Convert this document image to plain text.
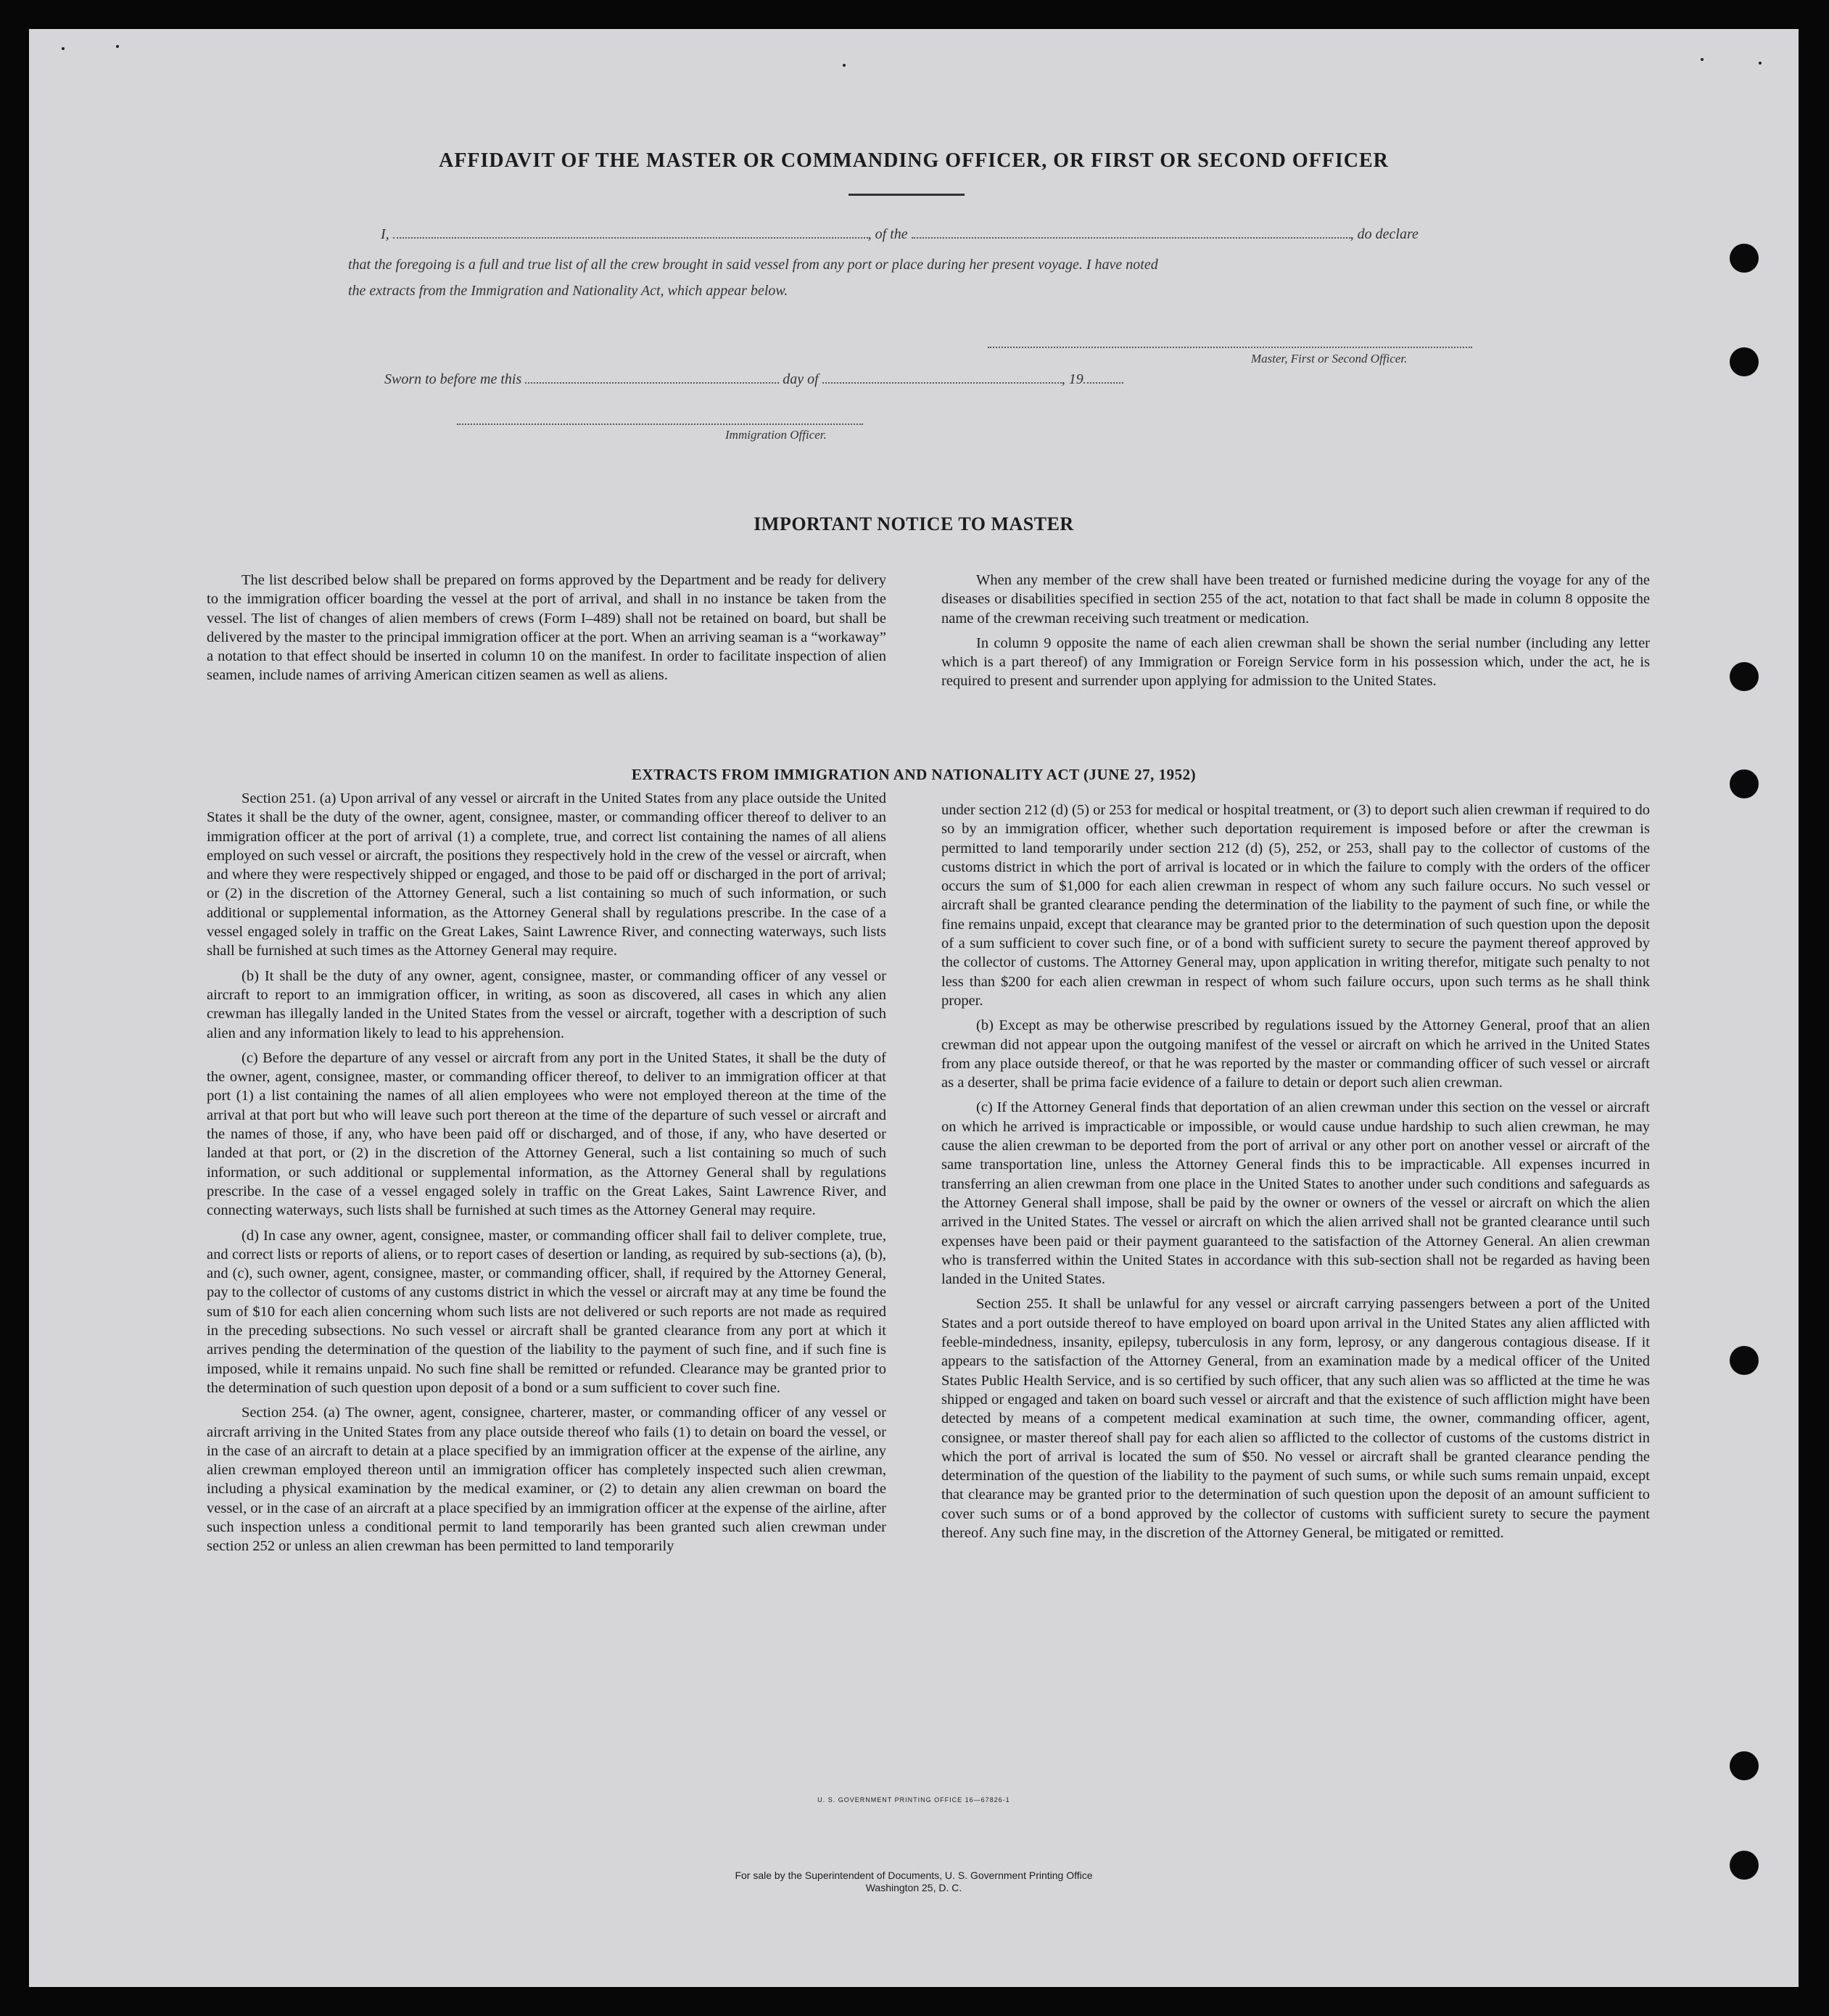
AFFIDAVIT OF THE MASTER OR COMMANDING OFFICER, OR FIRST OR SECOND OFFICER
I,	, of the	, do declare
that the foregoing is a full and true list of all the crew brought in said vessel from any port or place during her present voyage. I have noted
the extracts from the Immigration and Nationality Act, which appear below.
Master, First or Second Officer.
Sworn to before me this	day of	, 19
Immigration Officer.
IMPORTANT NOTICE TO MASTER

The list described below shall be prepared on forms approved by the Department and be ready for delivery to the immigration officer boarding the vessel at the port of arrival, and shall in no instance be taken from the vessel. The list of changes of alien members of crews (Form I–489) shall not be retained on board, but shall be delivered by the master to the principal immigration officer at the port. When an arriving seaman is a “workaway” a notation to that effect should be inserted in column 10 on the manifest. In order to facilitate inspection of alien seamen, include names of arriving American citizen seamen as well as aliens.

When any member of the crew shall have been treated or furnished medicine during the voyage for any of the diseases or disabilities specified in section 255 of the act, notation to that fact shall be made in column 8 opposite the name of the crewman receiving such treatment or medication.

In column 9 opposite the name of each alien crewman shall be shown the serial number (including any letter which is a part thereof) of any Immigration or Foreign Service form in his possession which, under the act, he is required to present and surrender upon applying for admission to the United States.

EXTRACTS FROM IMMIGRATION AND NATIONALITY ACT (JUNE 27, 1952)

Section 251. (a) Upon arrival of any vessel or aircraft in the United States from any place outside the United States it shall be the duty of the owner, agent, consignee, master, or commanding officer thereof to deliver to an immigration officer at the port of arrival (1) a complete, true, and correct list containing the names of all aliens employed on such vessel or aircraft, the positions they respectively hold in the crew of the vessel or aircraft, when and where they were respectively shipped or engaged, and those to be paid off or discharged in the port of arrival; or (2) in the discretion of the Attorney General, such a list containing so much of such information, or such additional or supplemental information, as the Attorney General shall by regulations prescribe. In the case of a vessel engaged solely in traffic on the Great Lakes, Saint Lawrence River, and connecting waterways, such lists shall be furnished at such times as the Attorney General may require.

(b) It shall be the duty of any owner, agent, consignee, master, or commanding officer of any vessel or aircraft to report to an immigration officer, in writing, as soon as discovered, all cases in which any alien crewman has illegally landed in the United States from the vessel or aircraft, together with a description of such alien and any information likely to lead to his apprehension.

(c) Before the departure of any vessel or aircraft from any port in the United States, it shall be the duty of the owner, agent, consignee, master, or commanding officer thereof, to deliver to an immigration officer at that port (1) a list containing the names of all alien employees who were not employed thereon at the time of the arrival at that port but who will leave such port thereon at the time of the departure of such vessel or aircraft and the names of those, if any, who have been paid off or discharged, and of those, if any, who have deserted or landed at that port, or (2) in the discretion of the Attorney General, such a list containing so much of such information, or such additional or supplemental information, as the Attorney General shall by regulations prescribe. In the case of a vessel engaged solely in traffic on the Great Lakes, Saint Lawrence River, and connecting waterways, such lists shall be furnished at such times as the Attorney General may require.

(d) In case any owner, agent, consignee, master, or commanding officer shall fail to deliver complete, true, and correct lists or reports of aliens, or to report cases of desertion or landing, as required by sub-sections (a), (b), and (c), such owner, agent, consignee, master, or commanding officer, shall, if required by the Attorney General, pay to the collector of customs of any customs district in which the vessel or aircraft may at any time be found the sum of $10 for each alien concerning whom such lists are not delivered or such reports are not made as required in the preceding subsections. No such vessel or aircraft shall be granted clearance from any port at which it arrives pending the determination of the question of the liability to the payment of such fine, and if such fine is imposed, while it remains unpaid. No such fine shall be remitted or refunded. Clearance may be granted prior to the determination of such question upon deposit of a bond or a sum sufficient to cover such fine.

Section 254. (a) The owner, agent, consignee, charterer, master, or commanding officer of any vessel or aircraft arriving in the United States from any place outside thereof who fails (1) to detain on board the vessel, or in the case of an aircraft to detain at a place specified by an immigration officer at the expense of the airline, any alien crewman employed thereon until an immigration officer has completely inspected such alien crewman, including a physical examination by the medical examiner, or (2) to detain any alien crewman on board the vessel, or in the case of an aircraft at a place specified by an immigration officer at the expense of the airline, after such inspection unless a conditional permit to land temporarily has been granted such alien crewman under section 252 or unless an alien crewman has been permitted to land temporarily

under section 212 (d) (5) or 253 for medical or hospital treatment, or (3) to deport such alien crewman if required to do so by an immigration officer, whether such deportation requirement is imposed before or after the crewman is permitted to land temporarily under section 212 (d) (5), 252, or 253, shall pay to the collector of customs of the customs district in which the port of arrival is located or in which the failure to comply with the orders of the officer occurs the sum of $1,000 for each alien crewman in respect of whom any such failure occurs. No such vessel or aircraft shall be granted clearance pending the determination of the liability to the payment of such fine, or while the fine remains unpaid, except that clearance may be granted prior to the determination of such question upon the deposit of a sum sufficient to cover such fine, or of a bond with sufficient surety to secure the payment thereof approved by the collector of customs. The Attorney General may, upon application in writing therefor, mitigate such penalty to not less than $200 for each alien crewman in respect of whom such failure occurs, upon such terms as he shall think proper.

(b) Except as may be otherwise prescribed by regulations issued by the Attorney General, proof that an alien crewman did not appear upon the outgoing manifest of the vessel or aircraft on which he arrived in the United States from any place outside thereof, or that he was reported by the master or commanding officer of such vessel or aircraft as a deserter, shall be prima facie evidence of a failure to detain or deport such alien crewman.

(c) If the Attorney General finds that deportation of an alien crewman under this section on the vessel or aircraft on which he arrived is impracticable or impossible, or would cause undue hardship to such alien crewman, he may cause the alien crewman to be deported from the port of arrival or any other port on another vessel or aircraft of the same transportation line, unless the Attorney General finds this to be impracticable. All expenses incurred in transferring an alien crewman from one place in the United States to another under such conditions and safeguards as the Attorney General shall impose, shall be paid by the owner or owners of the vessel or aircraft on which the alien arrived in the United States. The vessel or aircraft on which the alien arrived shall not be granted clearance until such expenses have been paid or their payment guaranteed to the satisfaction of the Attorney General. An alien crewman who is transferred within the United States in accordance with this sub-section shall not be regarded as having been landed in the United States.

Section 255. It shall be unlawful for any vessel or aircraft carrying passengers between a port of the United States and a port outside thereof to have employed on board upon arrival in the United States any alien afflicted with feeble-mindedness, insanity, epilepsy, tuberculosis in any form, leprosy, or any dangerous contagious disease. If it appears to the satisfaction of the Attorney General, from an examination made by a medical officer of the United States Public Health Service, and is so certified by such officer, that any such alien was so afflicted at the time he was shipped or engaged and taken on board such vessel or aircraft and that the existence of such affliction might have been detected by means of a competent medical examination at such time, the owner, commanding officer, agent, consignee, or master thereof shall pay for each alien so afflicted to the collector of customs of the customs district in which the port of arrival is located the sum of $50. No vessel or aircraft shall be granted clearance pending the determination of the question of the liability to the payment of such sums, or while such sums remain unpaid, except that clearance may be granted prior to the determination of such question upon the deposit of an amount sufficient to cover such sums or of a bond approved by the collector of customs with sufficient surety to secure the payment thereof. Any such fine may, in the discretion of the Attorney General, be mitigated or remitted.

U. S. GOVERNMENT PRINTING OFFICE 16—67826-1
For sale by the Superintendent of Documents, U. S. Government Printing Office
Washington 25, D. C.
